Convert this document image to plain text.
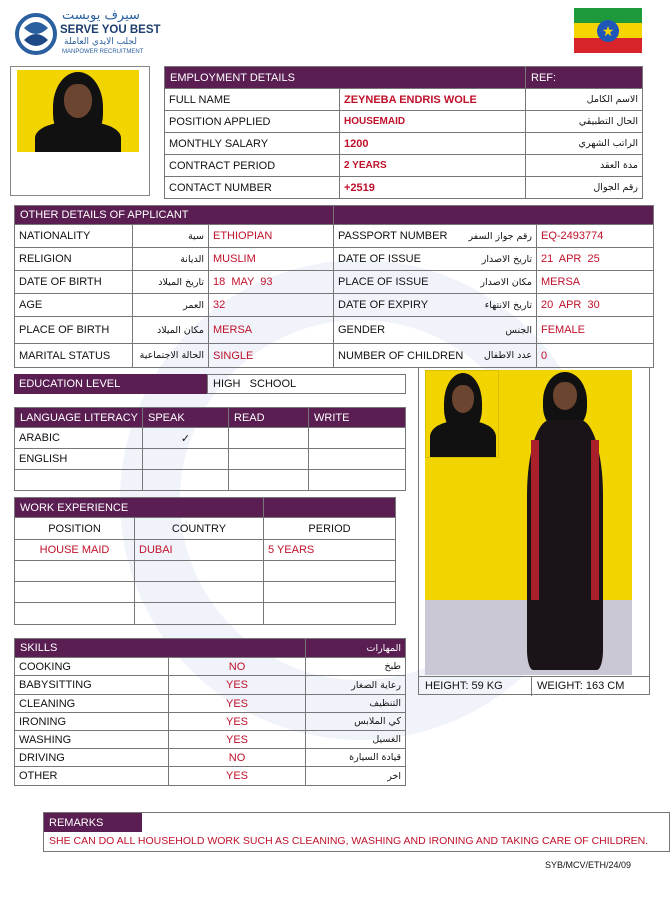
سيرف يوبست
SERVE YOU BEST
لجلب الايدي العاملة
MANPOWER RECRUITMENT
★
EMPLOYMENT DETAILS		REF:
FULL NAME	ZEYNEBA ENDRIS WOLE	الاسم الكامل
POSITION APPLIED	HOUSEMAID	الحال التطبيقي
MONTHLY SALARY	1200	الراتب الشهري
CONTRACT PERIOD	2 YEARS	مدة العقد
CONTACT NUMBER	+2519	رقم الجوال
OTHER DETAILS OF APPLICANT				
NATIONALITY	سية	ETHIOPIAN	PASSPORT NUMBER رقم جواز السفر	EQ-2493774
RELIGION	الديانة	MUSLIM	DATE OF ISSUE تاريخ الاصدار	21  APR  25
DATE OF BIRTH	تاريخ الميلاد	18  MAY  93	PLACE OF ISSUE مكان الاصدار	MERSA
AGE	العمر	32	DATE OF EXPIRY تاريخ الانتهاء	20  APR  30
PLACE OF BIRTH	مكان الميلاد	MERSA	GENDER الجنس	FEMALE
MARITAL STATUS	الحالة الاجتماعية	SINGLE	NUMBER OF CHILDREN عدد الاطفال	0
EDUCATION LEVEL	HIGH   SCHOOL
LANGUAGE LITERACY	SPEAK	READ	WRITE
ARABIC	✓		
ENGLISH			

WORK EXPERIENCE		
POSITION	COUNTRY	PERIOD
HOUSE MAID	DUBAI	5 YEARS

SKILLS		المهارات
COOKING	NO	طبخ
BABYSITTING	YES	رعاية الصغار
CLEANING	YES	التنظيف
IRONING	YES	كي الملابس
WASHING	YES	الغسيل
DRIVING	NO	قيادة السيارة
OTHER	YES	اخر
HEIGHT: 59 KG	WEIGHT: 163 CM
REMARKS
SHE CAN DO ALL HOUSEHOLD WORK SUCH AS CLEANING, WASHING AND IRONING AND TAKING CARE OF CHILDREN.
SYB/MCV/ETH/24/09
